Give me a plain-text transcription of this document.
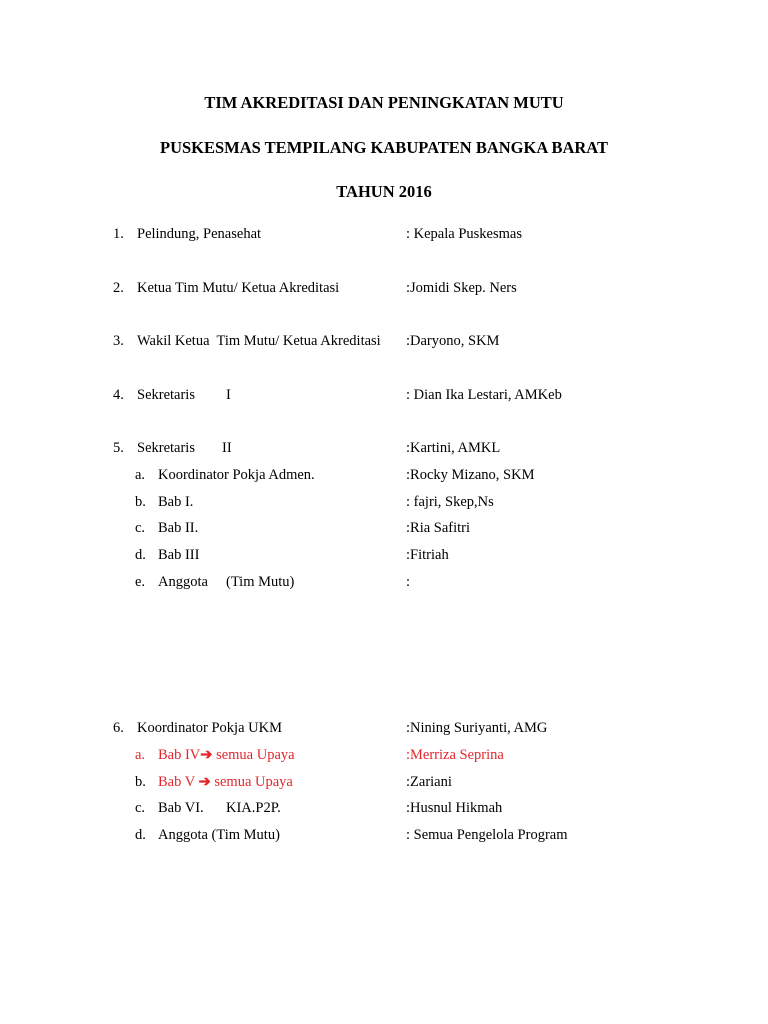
TIM AKREDITASI DAN PENINGKATAN MUTU
PUSKESMAS TEMPILANG KABUPATEN BANGKA BARAT
TAHUN 2016
1. Pelindung, Penasehat	: Kepala Puskesmas
2. Ketua Tim Mutu/ Ketua Akreditasi	:Jomidi Skep. Ners
3. Wakil Ketua  Tim Mutu/ Ketua Akreditasi :Daryono, SKM
4. Sekretaris I	: Dian Ika Lestari, AMKeb
5. Sekretaris II	:Kartini, AMKL
a. Koordinator Pokja Admen.	:Rocky Mizano, SKM
b. Bab I.	: fajri, Skep,Ns
c. Bab II.	:Ria Safitri
d. Bab III	:Fitriah
e. Anggota (Tim Mutu)	:
6. Koordinator Pokja UKM	:Nining Suriyanti, AMG
a. Bab IV➔ semua Upaya	:Merriza Seprina
b. Bab V ➔ semua Upaya	:Zariani
c. Bab VI. KIA.P2P.	:Husnul Hikmah
d. Anggota (Tim Mutu)	: Semua Pengelola Program
